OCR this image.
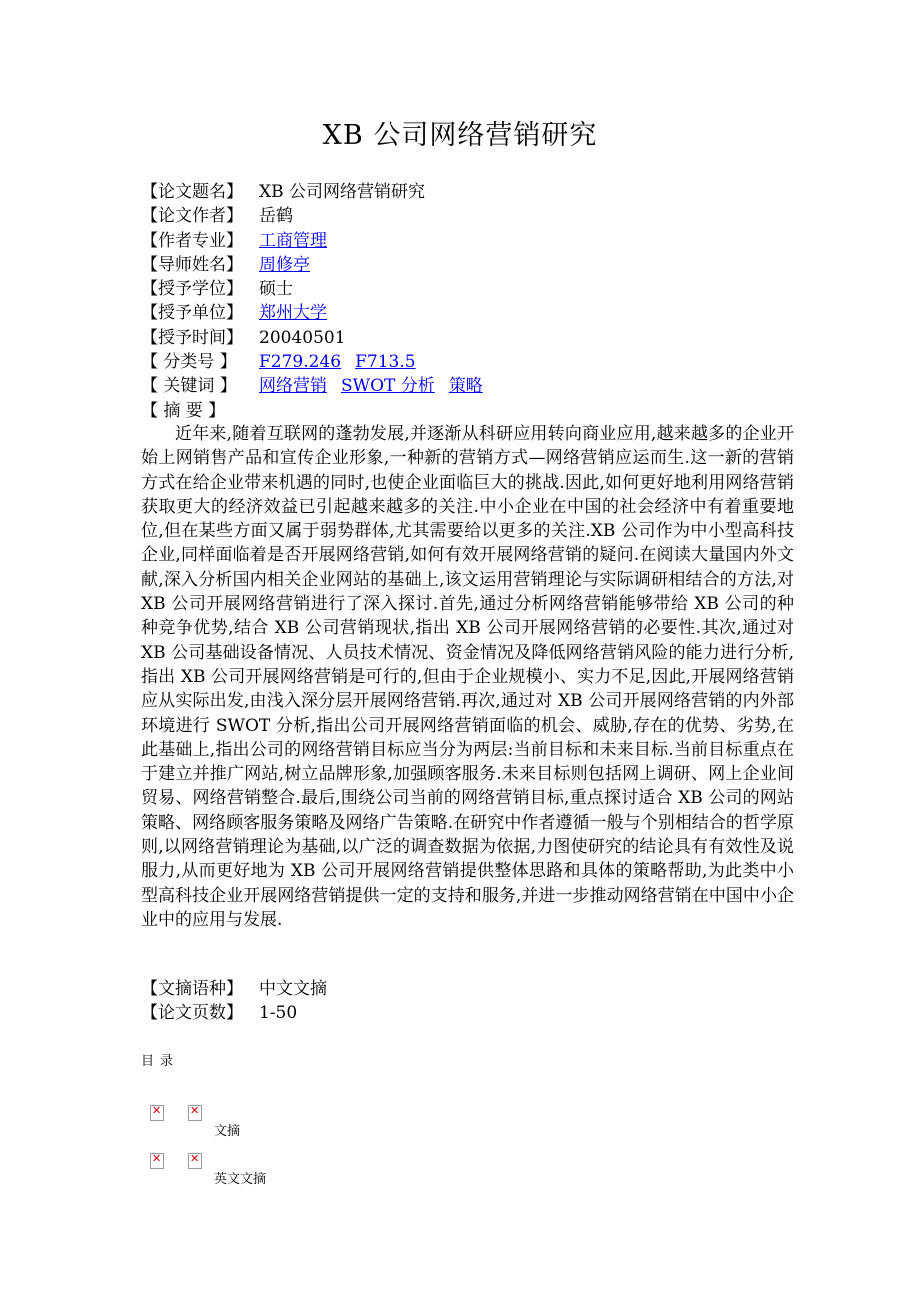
XB 公司网络营销研究
【论文题名】 XB 公司网络营销研究
【论文作者】 岳鹤
【作者专业】 工商管理
【导师姓名】 周修亭
【授予学位】 硕士
【授予单位】 郑州大学
【授予时间】 20040501
【 分类号 】 F279.246 F713.5
【 关键词 】 网络营销 SWOT 分析 策略
【 摘 要 】
近年来,随着互联网的蓬勃发展,并逐渐从科研应用转向商业应用,越来越多的企业开始上网销售产品和宣传企业形象,一种新的营销方式—网络营销应运而生.这一新的营销方式在给企业带来机遇的同时,也使企业面临巨大的挑战.因此,如何更好地利用网络营销获取更大的经济效益已引起越来越多的关注.中小企业在中国的社会经济中有着重要地位,但在某些方面又属于弱势群体,尤其需要给以更多的关注.XB 公司作为中小型高科技企业,同样面临着是否开展网络营销,如何有效开展网络营销的疑问.在阅读大量国内外文献,深入分析国内相关企业网站的基础上,该文运用营销理论与实际调研相结合的方法,对 XB 公司开展网络营销进行了深入探讨.首先,通过分析网络营销能够带给 XB 公司的种种竞争优势,结合 XB 公司营销现状,指出 XB 公司开展网络营销的必要性.其次,通过对 XB 公司基础设备情况、人员技术情况、资金情况及降低网络营销风险的能力进行分析,指出 XB 公司开展网络营销是可行的,但由于企业规模小、实力不足,因此,开展网络营销应从实际出发,由浅入深分层开展网络营销.再次,通过对 XB 公司开展网络营销的内外部环境进行 SWOT 分析,指出公司开展网络营销面临的机会、威胁,存在的优势、劣势,在此基础上,指出公司的网络营销目标应当分为两层:当前目标和未来目标.当前目标重点在于建立并推广网站,树立品牌形象,加强顾客服务.未来目标则包括网上调研、网上企业间贸易、网络营销整合.最后,围绕公司当前的网络营销目标,重点探讨适合 XB 公司的网站策略、网络顾客服务策略及网络广告策略.在研究中作者遵循一般与个别相结合的哲学原则,以网络营销理论为基础,以广泛的调查数据为依据,力图使研究的结论具有有效性及说服力,从而更好地为 XB 公司开展网络营销提供整体思路和具体的策略帮助,为此类中小型高科技企业开展网络营销提供一定的支持和服务,并进一步推动网络营销在中国中小企业中的应用与发展.
【文摘语种】 中文文摘
【论文页数】 1-50
目录
✕
✕
文摘
✕
✕
英文文摘
